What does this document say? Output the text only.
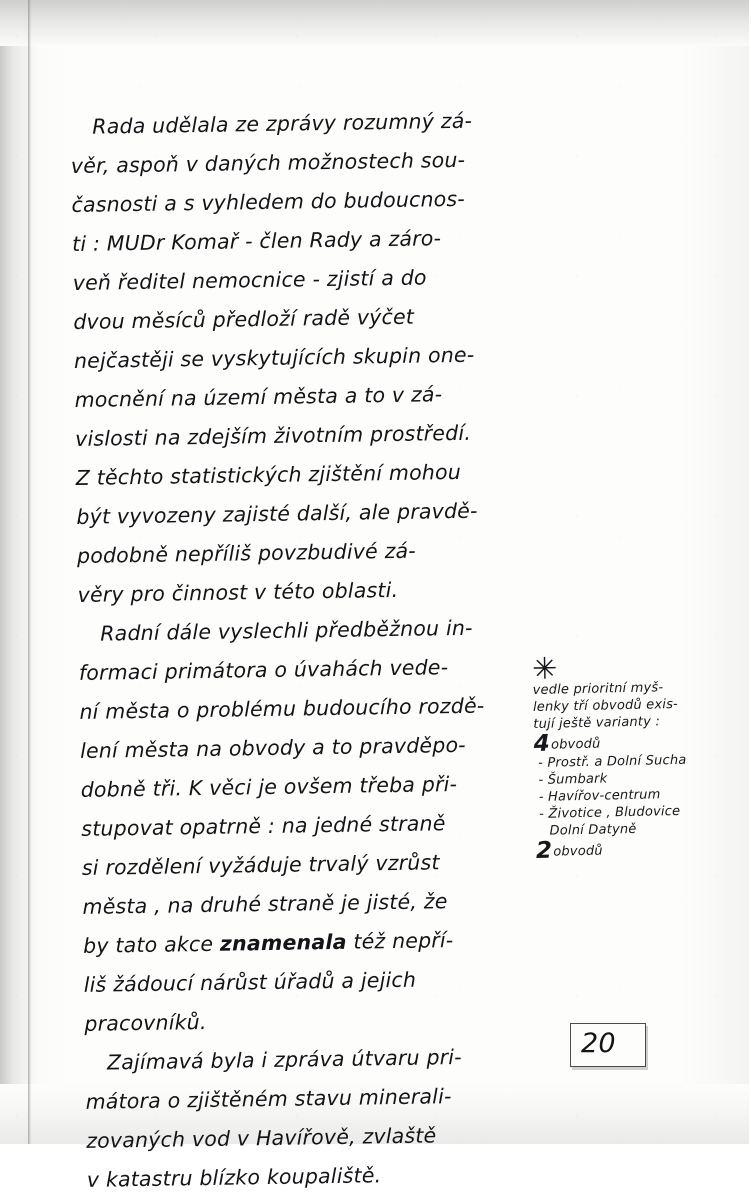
Rada udělala ze zprávy rozumný zá-
věr, aspoň v daných možnostech sou-
časnosti a s vyhledem do budoucnos-
ti : MUDr Komař - člen Rady a záro-
veň ředitel nemocnice - zjistí a do
dvou měsíců předloží radě výčet
nejčastěji se vyskytujících skupin one-
mocnění na území města a to v zá-
vislosti na zdejším životním prostředí.
Z těchto statistických zjištění mohou
být vyvozeny zajisté další, ale pravdě-
podobně nepříliš povzbudivé zá-
věry pro činnost v této oblasti.
Radní dále vyslechli předběžnou in-
formaci primátora o úvahách vede-
ní města o problému budoucího rozdě-
lení města na obvody a to pravděpo-
dobně tři. K věci je ovšem třeba při-
stupovat opatrně : na jedné straně
si rozdělení vyžáduje trvalý vzrůst
města , na druhé straně je jisté, že
by tato akce znamenala též nepří-
liš žádoucí nárůst úřadů a jejich
pracovníků.
Zajímavá byla i zpráva útvaru pri-
mátora o zjištěném stavu minerali-
zovaných vod v Havířově, zvlaště
v katastru blízko koupaliště.
✳
vedle prioritní myš-
lenky tří obvodů exis-
tují ještě varianty :
4obvodů
- Prostř. a Dolní Sucha
- Šumbark
- Havířov-centrum
- Životice , Bludovice
Dolní Datyně
2obvodů
20
